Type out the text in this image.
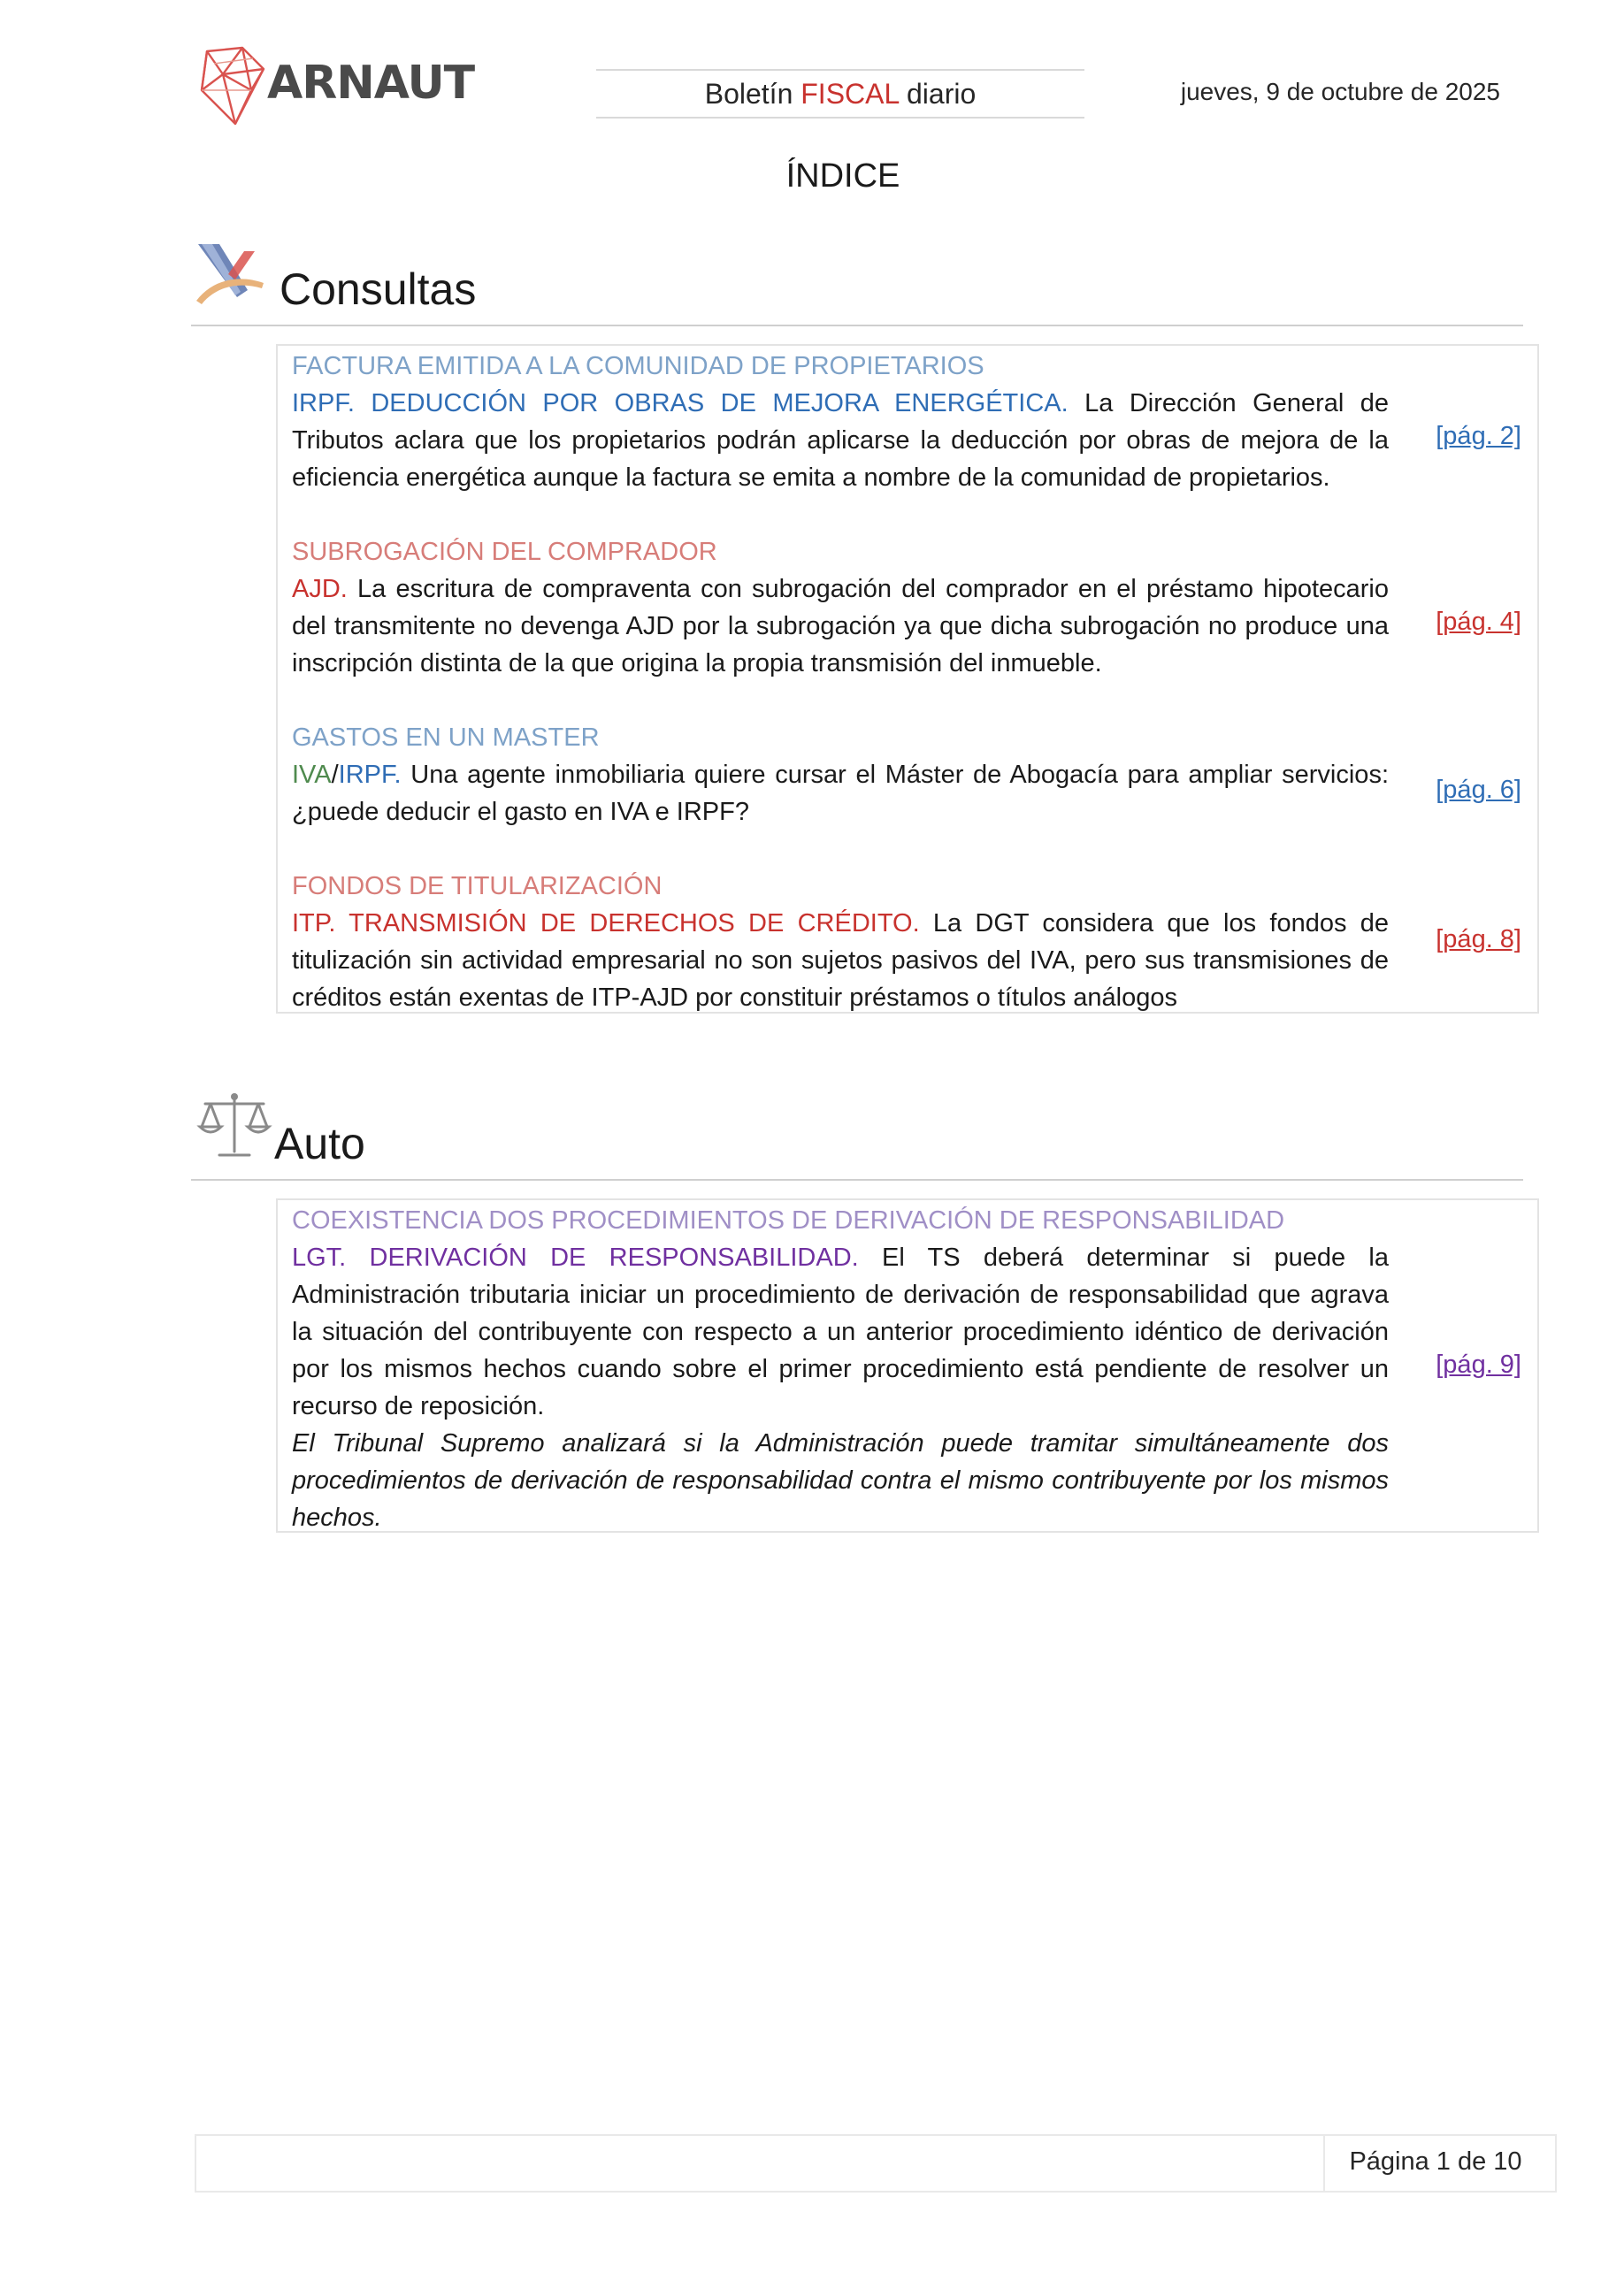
ARNAUT	Boletín FISCAL diario	jueves, 9 de octubre de 2025
ÍNDICE
Consultas
FACTURA EMITIDA A LA COMUNIDAD DE PROPIETARIOS
IRPF. DEDUCCIÓN POR OBRAS DE MEJORA ENERGÉTICA. La Dirección General de Tributos aclara que los propietarios podrán aplicarse la deducción por obras de mejora de la eficiencia energética aunque la factura se emita a nombre de la comunidad de propietarios.
[pág. 2]
SUBROGACIÓN DEL COMPRADOR
AJD. La escritura de compraventa con subrogación del comprador en el préstamo hipotecario del transmitente no devenga AJD por la subrogación ya que dicha subrogación no produce una inscripción distinta de la que origina la propia transmisión del inmueble.
[pág. 4]
GASTOS EN UN MASTER
IVA/IRPF. Una agente inmobiliaria quiere cursar el Máster de Abogacía para ampliar servicios: ¿puede deducir el gasto en IVA e IRPF?
[pág. 6]
FONDOS DE TITULARIZACIÓN
ITP. TRANSMISIÓN DE DERECHOS DE CRÉDITO. La DGT considera que los fondos de titulización sin actividad empresarial no son sujetos pasivos del IVA, pero sus transmisiones de créditos están exentas de ITP-AJD por constituir préstamos o títulos análogos
[pág. 8]
Auto
COEXISTENCIA DOS PROCEDIMIENTOS DE DERIVACIÓN DE RESPONSABILIDAD
LGT. DERIVACIÓN DE RESPONSABILIDAD. El TS deberá determinar si puede la Administración tributaria iniciar un procedimiento de derivación de responsabilidad que agrava la situación del contribuyente con respecto a un anterior procedimiento idéntico de derivación por los mismos hechos cuando sobre el primer procedimiento está pendiente de resolver un recurso de reposición.
El Tribunal Supremo analizará si la Administración puede tramitar simultáneamente dos procedimientos de derivación de responsabilidad contra el mismo contribuyente por los mismos hechos.
[pág. 9]
Página 1 de 10
